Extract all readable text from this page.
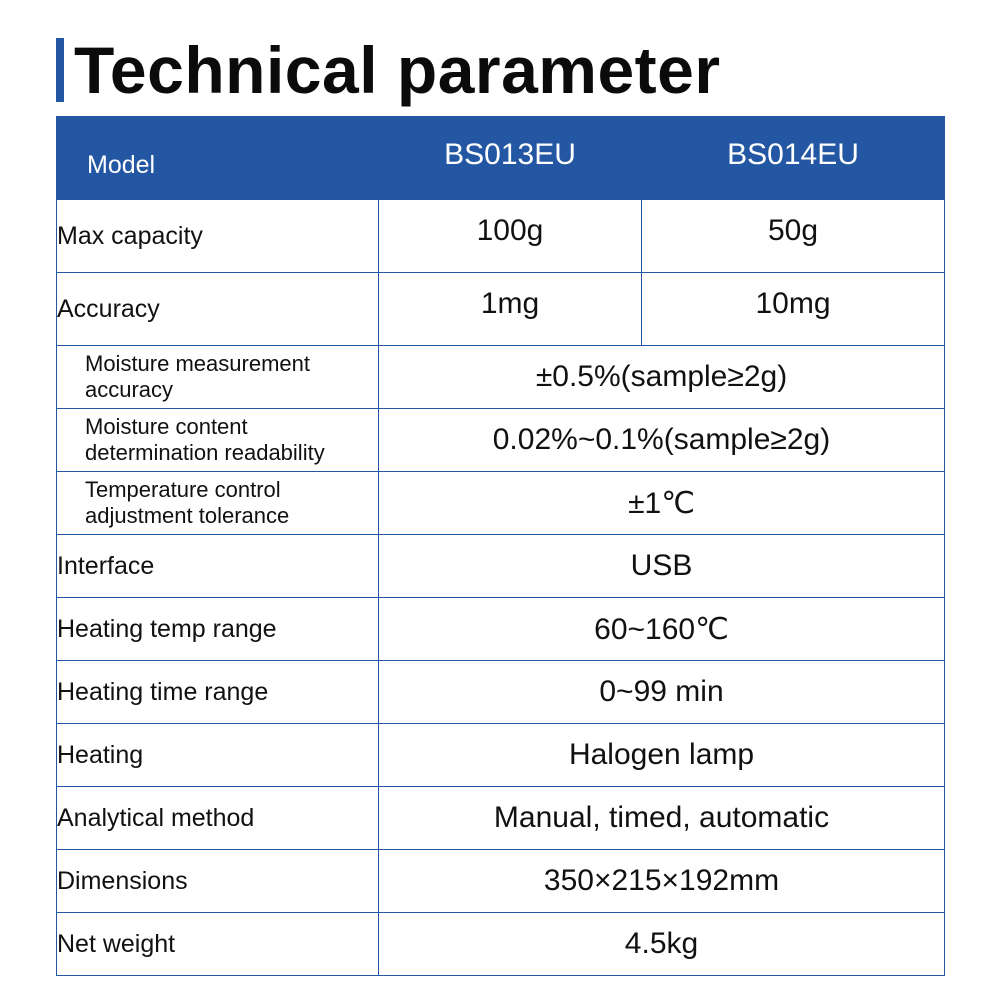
Technical parameter
Model	BS013EU	BS014EU
Max capacity	100g	50g
Accuracy	1mg	10mg
Moisture measurement accuracy	±0.5%(sample≥2g)	
Moisture content determination readability	0.02%~0.1%(sample≥2g)	
Temperature control adjustment tolerance	±1℃	
Interface	USB	
Heating temp range	60~160℃	
Heating time range	0~99 min	
Heating	Halogen lamp	
Analytical method	Manual, timed, automatic	
Dimensions	350×215×192mm	
Net weight	4.5kg	
